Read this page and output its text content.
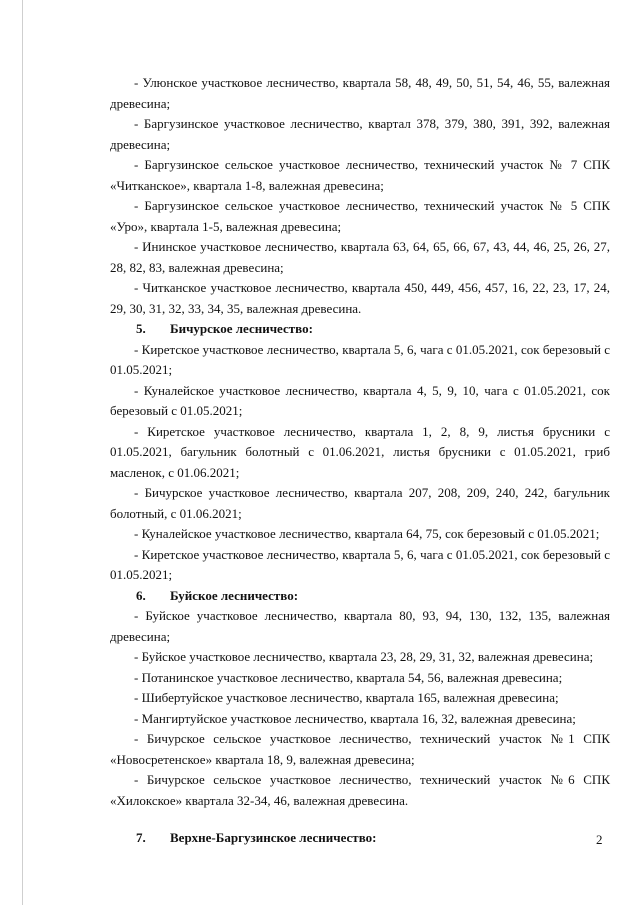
- Улюнское участковое лесничество, квартала 58, 48, 49, 50, 51, 54, 46, 55, валежная древесина;

- Баргузинское участковое лесничество, квартал 378, 379, 380, 391, 392, валежная древесина;

- Баргузинское сельское участковое лесничество, технический участок № 7 СПК «Читканское», квартала 1-8, валежная древесина;

- Баргузинское сельское участковое лесничество, технический участок № 5 СПК «Уро», квартала 1-5, валежная древесина;

- Ининское участковое лесничество, квартала 63, 64, 65, 66, 67, 43, 44, 46, 25, 26, 27, 28, 82, 83, валежная древесина;

- Читканское участковое лесничество, квартала 450, 449, 456, 457, 16, 22, 23, 17, 24, 29, 30, 31, 32, 33, 34, 35, валежная древесина.

5. Бичурское лесничество:

- Киретское участковое лесничество, квартала 5, 6, чага с 01.05.2021, сок березовый с 01.05.2021;

- Куналейское участковое лесничество, квартала 4, 5, 9, 10, чага с 01.05.2021, сок березовый с 01.05.2021;

- Киретское участковое лесничество, квартала 1, 2, 8, 9, листья брусники с 01.05.2021, багульник болотный с 01.06.2021, листья брусники с 01.05.2021, гриб масленок, с 01.06.2021;

- Бичурское участковое лесничество, квартала 207, 208, 209, 240, 242, багульник болотный, с 01.06.2021;

- Куналейское участковое лесничество, квартала 64, 75, сок березовый с 01.05.2021;

- Киретское участковое лесничество, квартала 5, 6, чага с 01.05.2021, сок березовый с 01.05.2021;

6. Буйское лесничество:

- Буйское участковое лесничество, квартала 80, 93, 94, 130, 132, 135, валежная древесина;

- Буйское участковое лесничество, квартала 23, 28, 29, 31, 32, валежная древесина;

- Потанинское участковое лесничество, квартала 54, 56, валежная древесина;

- Шибертуйское участковое лесничество, квартала 165, валежная древесина;

- Мангиртуйское участковое лесничество, квартала 16, 32, валежная древесина;

- Бичурское сельское участковое лесничество, технический участок №1 СПК «Новосретенское» квартала 18, 9, валежная древесина;

- Бичурское сельское участковое лесничество, технический участок №6 СПК «Хилокское» квартала 32-34, 46, валежная древесина.

7. Верхне-Баргузинское лесничество:	2
